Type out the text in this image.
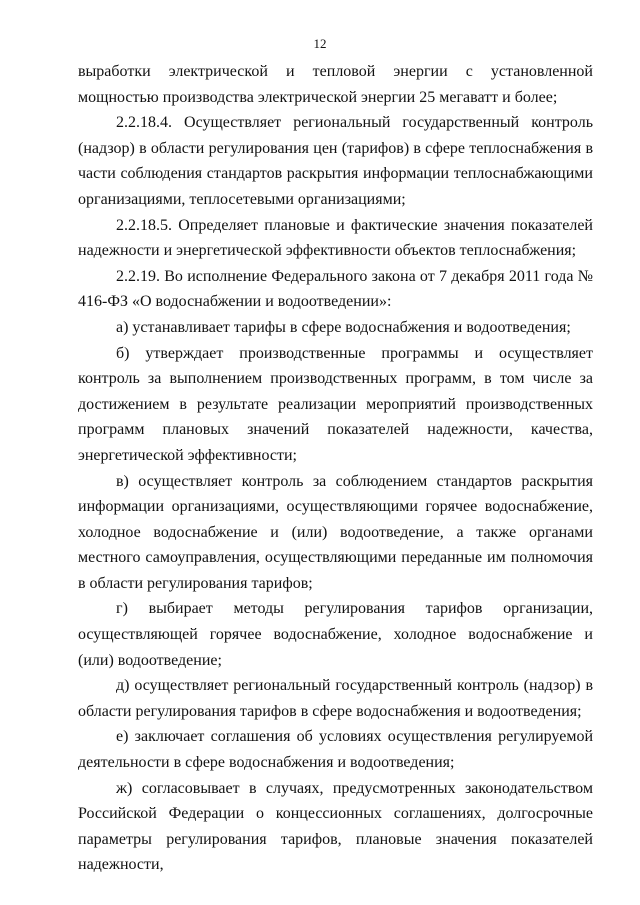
12

выработки электрической и тепловой энергии с установленной мощностью производства электрической энергии 25 мегаватт и более;

2.2.18.4. Осуществляет региональный государственный контроль (надзор) в области регулирования цен (тарифов) в сфере теплоснабжения в части соблюдения стандартов раскрытия информации теплоснабжающими организациями, теплосетевыми организациями;

2.2.18.5. Определяет плановые и фактические значения показателей надежности и энергетической эффективности объектов теплоснабжения;

2.2.19. Во исполнение Федерального закона от 7 декабря 2011 года № 416-ФЗ «О водоснабжении и водоотведении»:

а) устанавливает тарифы в сфере водоснабжения и водоотведения;

б) утверждает производственные программы и осуществляет контроль за выполнением производственных программ, в том числе за достижением в результате реализации мероприятий производственных программ плановых значений показателей надежности, качества, энергетической эффективности;

в) осуществляет контроль за соблюдением стандартов раскрытия информации организациями, осуществляющими горячее водоснабжение, холодное водоснабжение и (или) водоотведение, а также органами местного самоуправления, осуществляющими переданные им полномочия в области регулирования тарифов;

г) выбирает методы регулирования тарифов организации, осуществляющей горячее водоснабжение, холодное водоснабжение и (или) водоотведение;

д) осуществляет региональный государственный контроль (надзор) в области регулирования тарифов в сфере водоснабжения и водоотведения;

е) заключает соглашения об условиях осуществления регулируемой деятельности в сфере водоснабжения и водоотведения;

ж) согласовывает в случаях, предусмотренных законодательством Российской Федерации о концессионных соглашениях, долгосрочные параметры регулирования тарифов, плановые значения показателей надежности,
